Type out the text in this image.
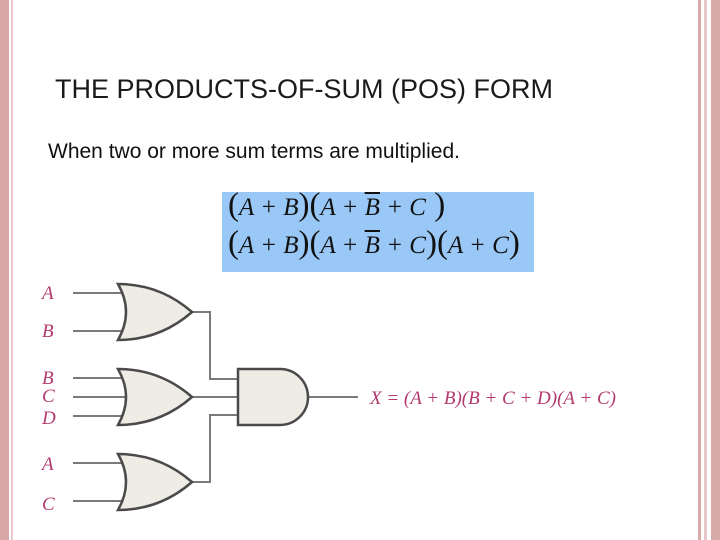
THE PRODUCTS-OF-SUM (POS) FORM
When two or more sum terms are multiplied.
$(A + B)(A + \overline{B} + C$ )
$(A + B)(A + \overline{B} + C)(A + C)$
A
B
B
C
D
A
C
X = (A + B)(B + C + D)(A + C)
